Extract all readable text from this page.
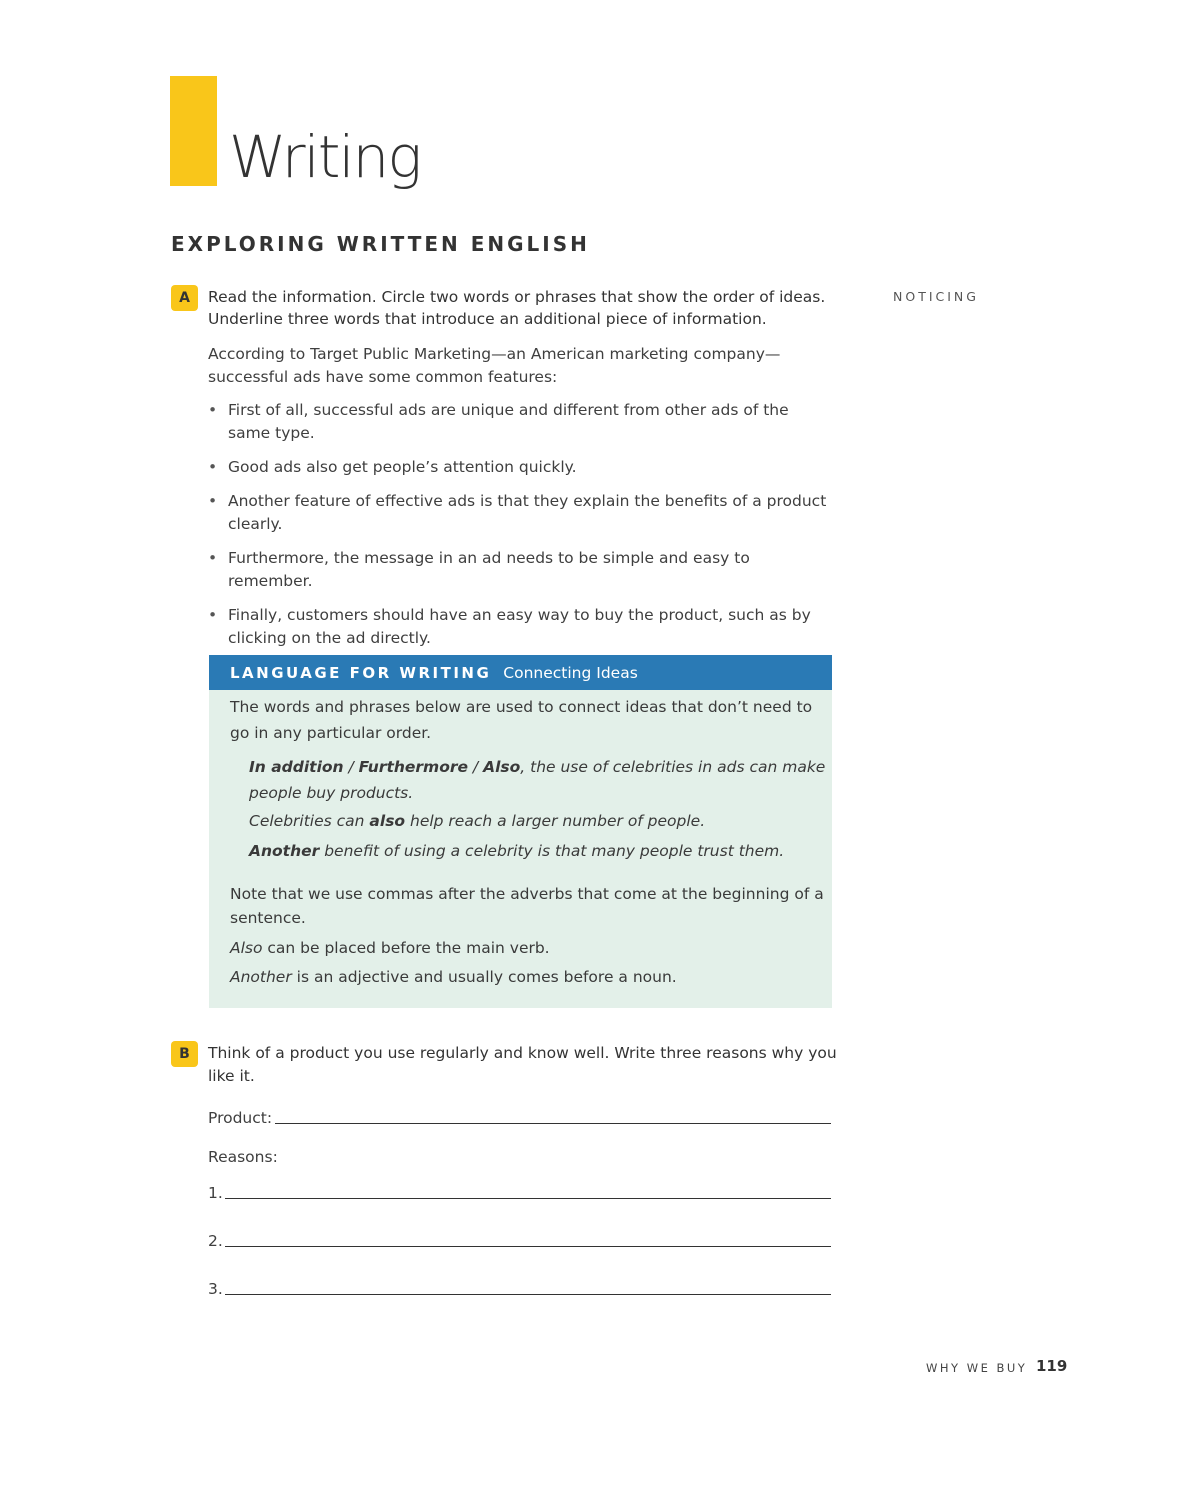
Writing
EXPLORING WRITTEN ENGLISH
A	Read the information. Circle two words or phrases that show the order of ideas.
Underline three words that introduce an additional piece of information.
NOTICING
According to Target Public Marketing—an American marketing company—
successful ads have some common features:
• First of all, successful ads are unique and different from other ads of the same type.
• Good ads also get people’s attention quickly.
• Another feature of effective ads is that they explain the benefits of a product clearly.
• Furthermore, the message in an ad needs to be simple and easy to remember.
• Finally, customers should have an easy way to buy the product, such as by clicking on the ad directly.
LANGUAGE FOR WRITING Connecting Ideas
The words and phrases below are used to connect ideas that don’t need to
go in any particular order.
In addition / Furthermore / Also, the use of celebrities in ads can make
people buy products.
Celebrities can also help reach a larger number of people.
Another benefit of using a celebrity is that many people trust them.
Note that we use commas after the adverbs that come at the beginning of a
sentence.
Also can be placed before the main verb.
Another is an adjective and usually comes before a noun.
B	Think of a product you use regularly and know well. Write three reasons why you
like it.
Product:
Reasons:
1.
2.
3.
WHY WE BUY 119
